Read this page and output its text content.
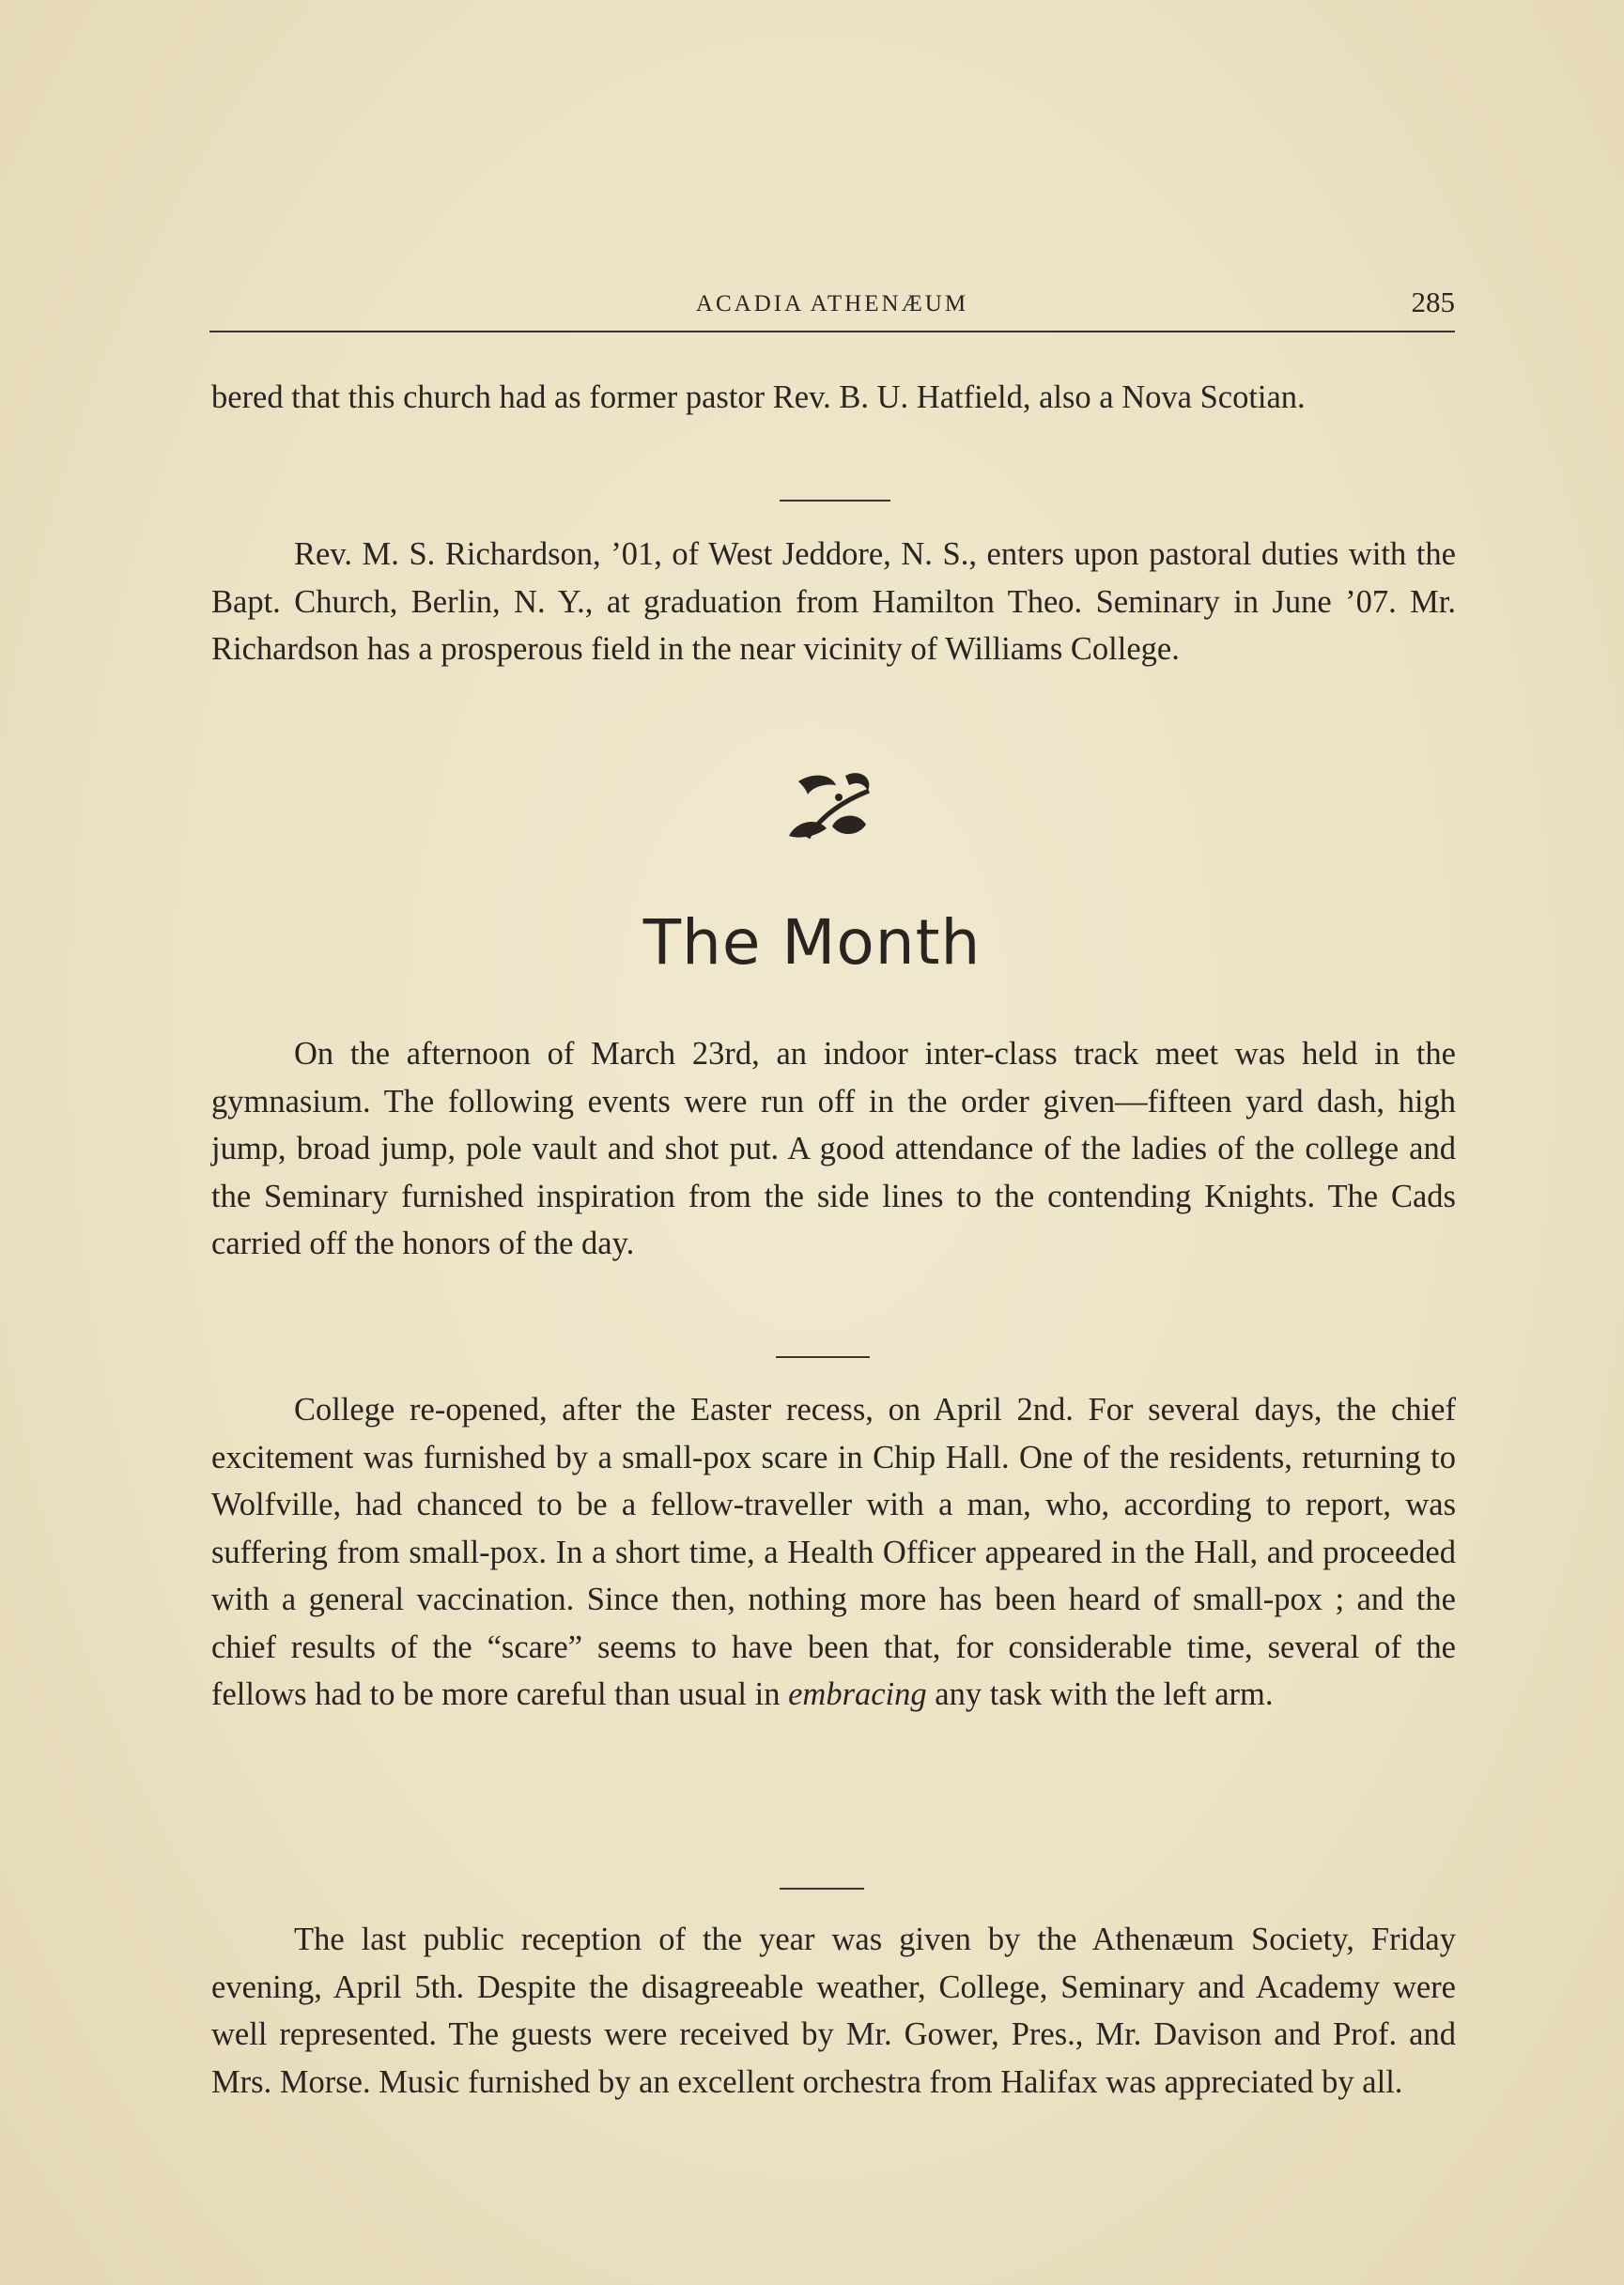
ACADIA ATHENÆUM	285

bered that this church had as former pastor Rev. B. U. Hatfield, also a Nova Scotian.

Rev. M. S. Richardson, ’01, of West Jeddore, N. S., enters upon pastoral duties with the Bapt. Church, Berlin, N. Y., at graduation from Hamilton Theo. Seminary in June ’07. Mr. Richardson has a prosperous field in the near vicinity of Williams College.

The Month

On the afternoon of March 23rd, an indoor inter-class track meet was held in the gymnasium. The following events were run off in the order given—fifteen yard dash, high jump, broad jump, pole vault and shot put. A good attendance of the ladies of the college and the Seminary furnished inspiration from the side lines to the contending Knights. The Cads carried off the honors of the day.

College re-opened, after the Easter recess, on April 2nd. For several days, the chief excitement was furnished by a small-pox scare in Chip Hall. One of the residents, returning to Wolfville, had chanced to be a fellow-traveller with a man, who, according to report, was suffering from small-pox. In a short time, a Health Officer appeared in the Hall, and proceeded with a general vaccination. Since then, nothing more has been heard of small-pox ; and the chief results of the “scare” seems to have been that, for considerable time, several of the fellows had to be more careful than usual in embracing any task with the left arm.

The last public reception of the year was given by the Athenæum Society, Friday evening, April 5th. Despite the disagreeable weather, College, Seminary and Academy were well represented. The guests were received by Mr. Gower, Pres., Mr. Davison and Prof. and Mrs. Morse. Music furnished by an excellent orchestra from Halifax was appreciated by all.
